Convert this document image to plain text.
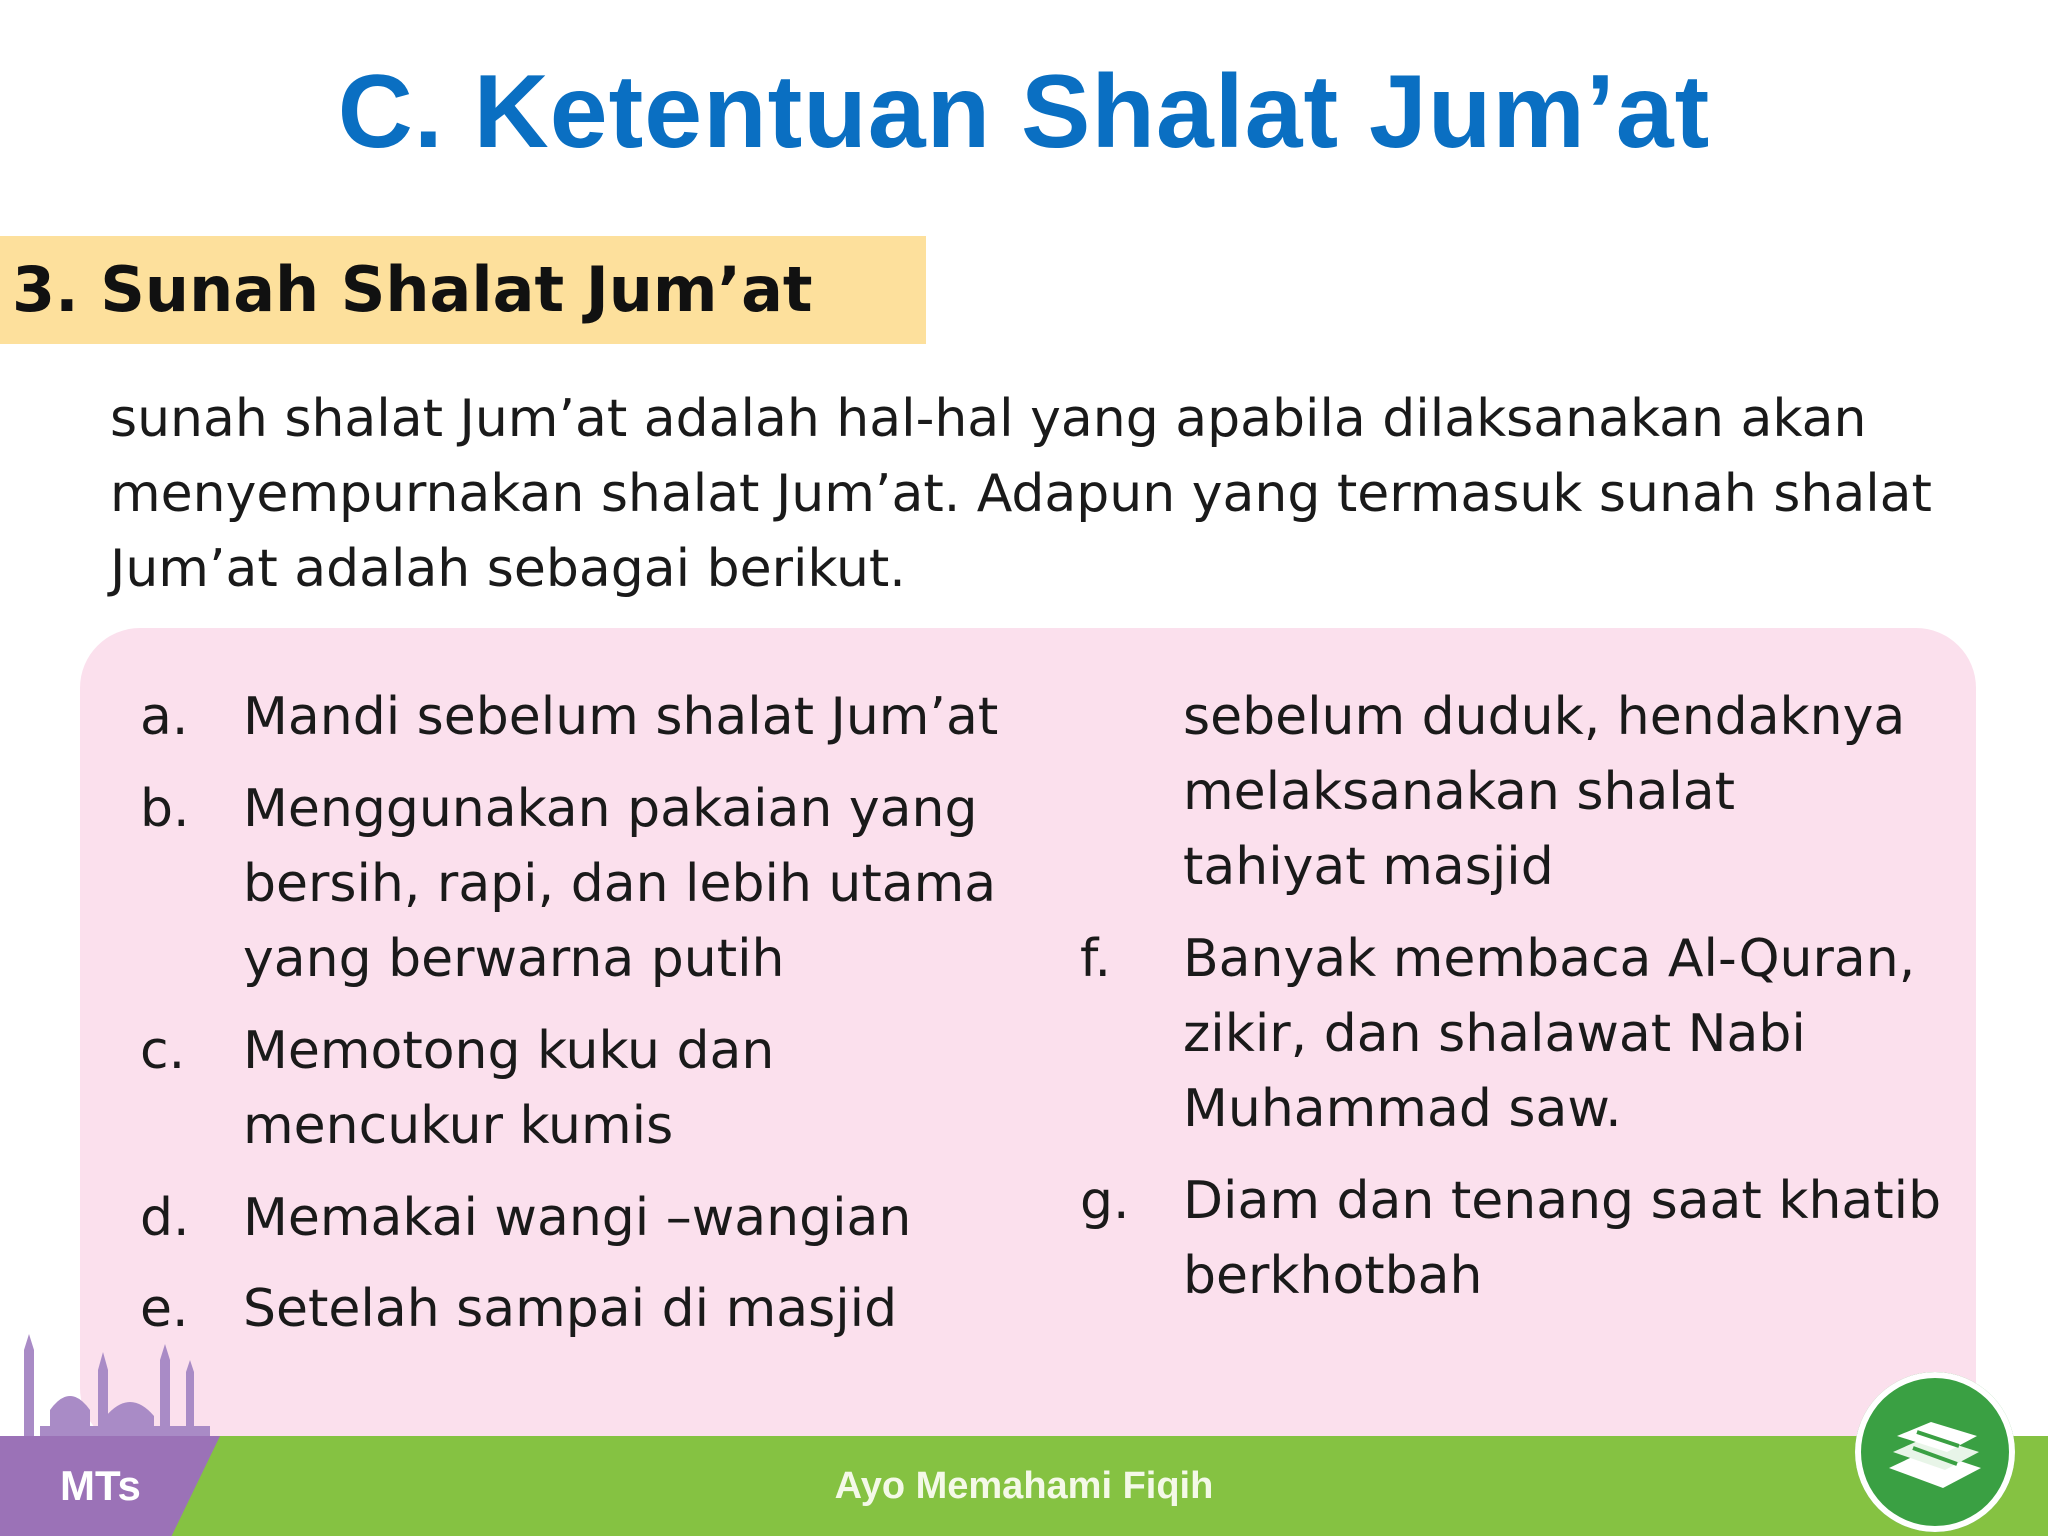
C. Ketentuan Shalat Jum’at
3. Sunah Shalat Jum’at
sunah shalat Jum’at adalah hal-hal yang apabila dilaksanakan akan
menyempurnakan shalat Jum’at. Adapun yang termasuk sunah shalat
Jum’at adalah sebagai berikut.
a. Mandi sebelum shalat Jum’at
b. Menggunakan pakaian yang
bersih, rapi, dan lebih utama
yang berwarna putih
c. Memotong kuku dan
mencukur kumis
d. Memakai wangi –wangian
e. Setelah sampai di masjid
sebelum duduk, hendaknya
melaksanakan shalat
tahiyat masjid
f. Banyak membaca Al-Quran,
zikir, dan shalawat Nabi
Muhammad saw.
g. Diam dan tenang saat khatib
berkhotbah
MTs	Ayo Memahami Fiqih
